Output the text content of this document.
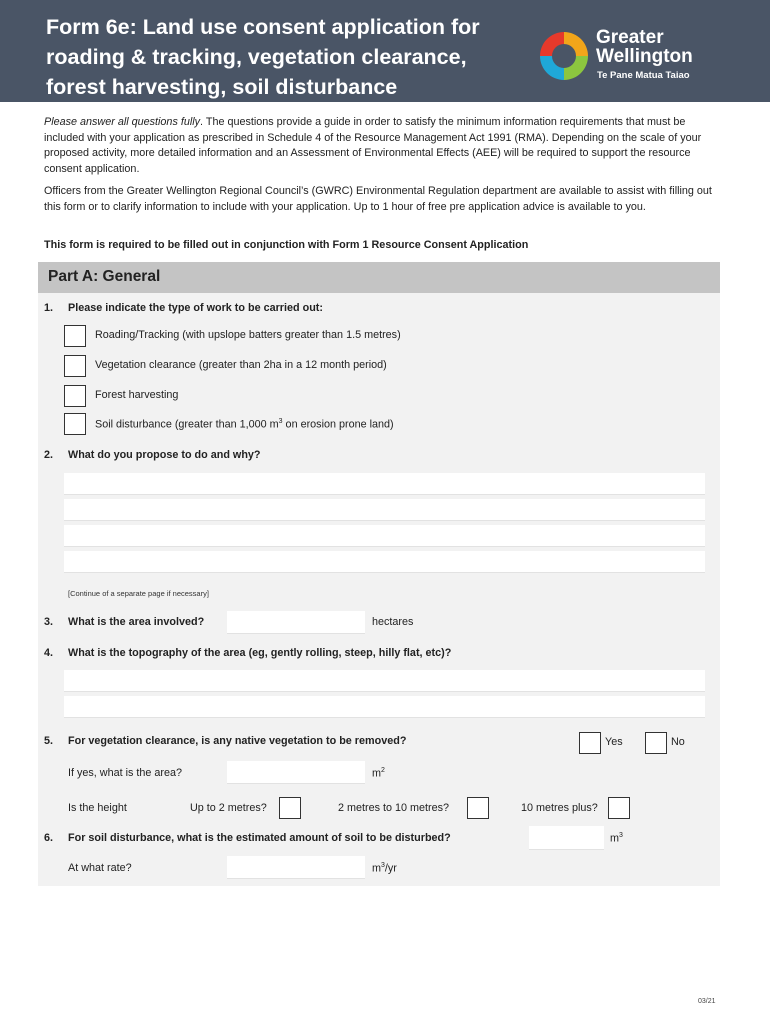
Form 6e: Land use consent application for
roading & tracking, vegetation clearance,
forest harvesting, soil disturbance
Greater
Wellington
Te Pane Matua Taiao
Please answer all questions fully. The questions provide a guide in order to satisfy the minimum information requirements that must be included with your application as prescribed in Schedule 4 of the Resource Management Act 1991 (RMA). Depending on the scale of your proposed activity, more detailed information and an Assessment of Environmental Effects (AEE) will be required to support the resource consent application.
Officers from the Greater Wellington Regional Council’s (GWRC) Environmental Regulation department are available to assist with filling out this form or to clarify information to include with your application. Up to 1 hour of free pre application advice is available to you.
This form is required to be filled out in conjunction with Form 1 Resource Consent Application
Part A: General
1. Please indicate the type of work to be carried out:
Roading/Tracking (with upslope batters greater than 1.5 metres)
Vegetation clearance (greater than 2ha in a 12 month period)
Forest harvesting
Soil disturbance (greater than 1,000 $m^3$ on erosion prone land)
2. What do you propose to do and why?
[Continue of a separate page if necessary]
3. What is the area involved?	hectares
4. What is the topography of the area (eg, gently rolling, steep, hilly flat, etc)?
5. For vegetation clearance, is any native vegetation to be removed?	Yes	No
If yes, what is the area?	$m^2$
Is the height	Up to 2 metres?	2 metres to 10 metres?	10 metres plus?
6. For soil disturbance, what is the estimated amount of soil to be disturbed?	$m^3$
At what rate?	$m^3/yr$
03/21
